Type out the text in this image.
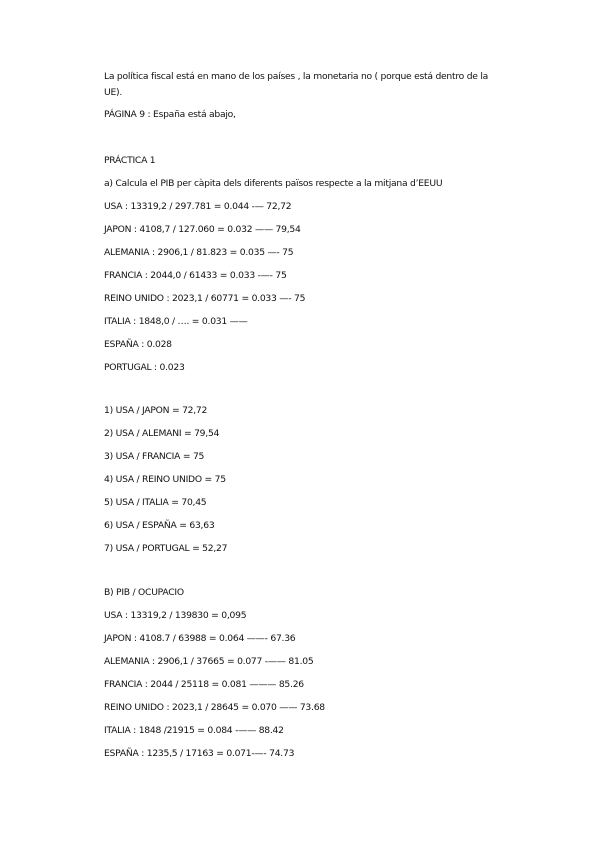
La política fiscal está en mano de los países , la monetaria no ( porque está dentro de la
UE).
PÁGINA 9 : España está abajo,
PRÁCTICA 1
a) Calcula el PIB per càpita dels diferents països respecte a la mitjana d’EEUU
USA : 13319,2 / 297.781 = 0.044 -— 72,72
JAPON : 4108,7 / 127.060 = 0.032 —— 79,54
ALEMANIA : 2906,1 / 81.823 = 0.035 —- 75
FRANCIA : 2044,0 / 61433 = 0.033 -—- 75
REINO UNIDO : 2023,1 / 60771 = 0.033 —- 75
ITALIA : 1848,0 / …. = 0.031 ——
ESPAÑA : 0.028
PORTUGAL : 0.023
1) USA / JAPON = 72,72
2) USA / ALEMANI = 79,54
3) USA / FRANCIA = 75
4) USA / REINO UNIDO = 75
5) USA / ITALIA = 70,45
6) USA / ESPAÑA = 63,63
7) USA / PORTUGAL = 52,27
B) PIB / OCUPACIO
USA : 13319,2 / 139830 = 0,095
JAPON : 4108.7 / 63988 = 0.064 ——- 67.36
ALEMANIA : 2906,1 / 37665 = 0.077 -—— 81.05
FRANCIA : 2044 / 25118 = 0.081 ——— 85.26
REINO UNIDO : 2023,1 / 28645 = 0.070 —— 73.68
ITALIA : 1848 /21915 = 0.084 -—— 88.42
ESPAÑA : 1235,5 / 17163 = 0.071-—- 74.73
